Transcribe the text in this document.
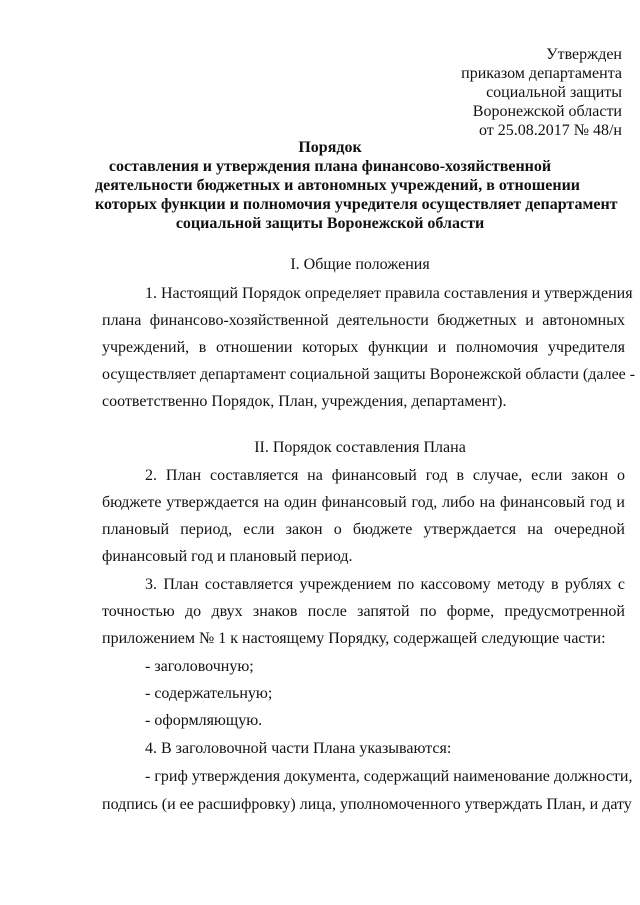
Утвержден
приказом департамента
социальной защиты
Воронежской области
от 25.08.2017 № 48/н
Порядок
составления и утверждения плана финансово-хозяйственной
деятельности бюджетных и автономных учреждений, в отношении
которых функции и полномочия учредителя осуществляет департамент
социальной защиты Воронежской области
I. Общие положения
1. Настоящий Порядок определяет правила составления и утверждения
плана финансово-хозяйственной деятельности бюджетных и автономных
учреждений, в отношении которых функции и полномочия учредителя
осуществляет департамент социальной защиты Воронежской области (далее -
соответственно Порядок, План, учреждения, департамент).
II. Порядок составления Плана
2. План составляется на финансовый год в случае, если закон о
бюджете утверждается на один финансовый год, либо на финансовый год и
плановый период, если закон о бюджете утверждается на очередной
финансовый год и плановый период.
3. План составляется учреждением по кассовому методу в рублях с
точностью до двух знаков после запятой по форме, предусмотренной
приложением № 1 к настоящему Порядку, содержащей следующие части:
- заголовочную;
- содержательную;
- оформляющую.
4. В заголовочной части Плана указываются:
- гриф утверждения документа, содержащий наименование должности,
подпись (и ее расшифровку) лица, уполномоченного утверждать План, и дату
